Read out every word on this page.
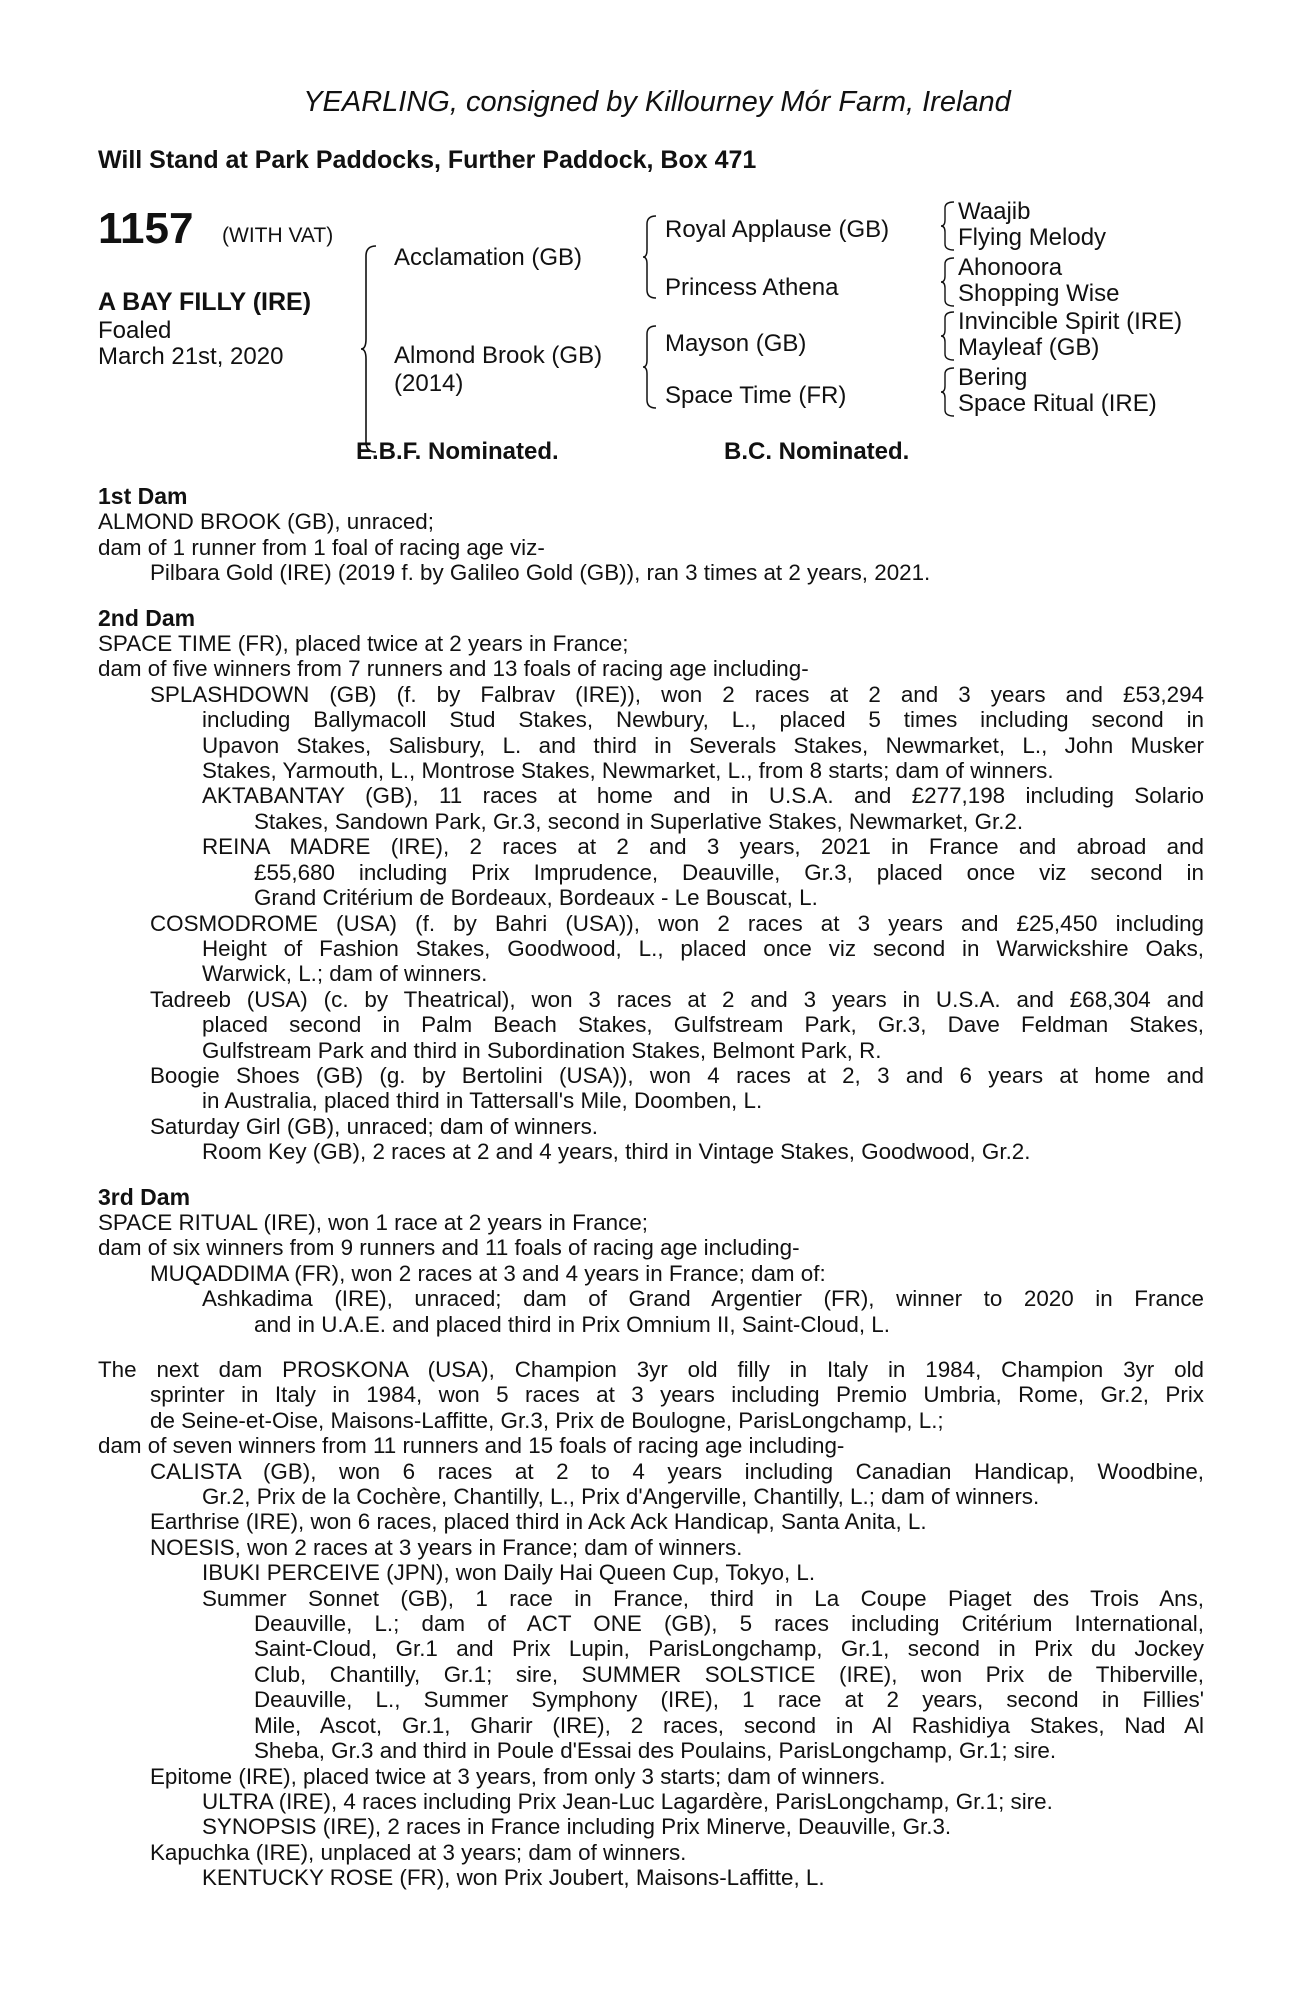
YEARLING, consigned by Killourney Mór Farm, Ireland
Will Stand at Park Paddocks, Further Paddock, Box 471
1157 (WITH VAT)
A BAY FILLY (IRE)
Foaled
March 21st, 2020
Acclamation (GB)
Almond Brook (GB)
(2014)
Royal Applause (GB)
Princess Athena
Mayson (GB)
Space Time (FR)
Waajib
Flying Melody
Ahonoora
Shopping Wise
Invincible Spirit (IRE)
Mayleaf (GB)
Bering
Space Ritual (IRE)
E.B.F. Nominated.	B.C. Nominated.
1st Dam
ALMOND BROOK (GB), unraced;
dam of 1 runner from 1 foal of racing age viz-
Pilbara Gold (IRE) (2019 f. by Galileo Gold (GB)), ran 3 times at 2 years, 2021.
2nd Dam
SPACE TIME (FR), placed twice at 2 years in France;
dam of five winners from 7 runners and 13 foals of racing age including-
SPLASHDOWN (GB) (f. by Falbrav (IRE)), won 2 races at 2 and 3 years and £53,294
including Ballymacoll Stud Stakes, Newbury, L., placed 5 times including second in
Upavon Stakes, Salisbury, L. and third in Severals Stakes, Newmarket, L., John Musker
Stakes, Yarmouth, L., Montrose Stakes, Newmarket, L., from 8 starts; dam of winners.
AKTABANTAY (GB), 11 races at home and in U.S.A. and £277,198 including Solario
Stakes, Sandown Park, Gr.3, second in Superlative Stakes, Newmarket, Gr.2.
REINA MADRE (IRE), 2 races at 2 and 3 years, 2021 in France and abroad and
£55,680 including Prix Imprudence, Deauville, Gr.3, placed once viz second in
Grand Critérium de Bordeaux, Bordeaux - Le Bouscat, L.
COSMODROME (USA) (f. by Bahri (USA)), won 2 races at 3 years and £25,450 including
Height of Fashion Stakes, Goodwood, L., placed once viz second in Warwickshire Oaks,
Warwick, L.; dam of winners.
Tadreeb (USA) (c. by Theatrical), won 3 races at 2 and 3 years in U.S.A. and £68,304 and
placed second in Palm Beach Stakes, Gulfstream Park, Gr.3, Dave Feldman Stakes,
Gulfstream Park and third in Subordination Stakes, Belmont Park, R.
Boogie Shoes (GB) (g. by Bertolini (USA)), won 4 races at 2, 3 and 6 years at home and
in Australia, placed third in Tattersall's Mile, Doomben, L.
Saturday Girl (GB), unraced; dam of winners.
Room Key (GB), 2 races at 2 and 4 years, third in Vintage Stakes, Goodwood, Gr.2.
3rd Dam
SPACE RITUAL (IRE), won 1 race at 2 years in France;
dam of six winners from 9 runners and 11 foals of racing age including-
MUQADDIMA (FR), won 2 races at 3 and 4 years in France; dam of:
Ashkadima (IRE), unraced; dam of Grand Argentier (FR), winner to 2020 in France
and in U.A.E. and placed third in Prix Omnium II, Saint-Cloud, L.
The next dam PROSKONA (USA), Champion 3yr old filly in Italy in 1984, Champion 3yr old
sprinter in Italy in 1984, won 5 races at 3 years including Premio Umbria, Rome, Gr.2, Prix
de Seine-et-Oise, Maisons-Laffitte, Gr.3, Prix de Boulogne, ParisLongchamp, L.;
dam of seven winners from 11 runners and 15 foals of racing age including-
CALISTA (GB), won 6 races at 2 to 4 years including Canadian Handicap, Woodbine,
Gr.2, Prix de la Cochère, Chantilly, L., Prix d'Angerville, Chantilly, L.; dam of winners.
Earthrise (IRE), won 6 races, placed third in Ack Ack Handicap, Santa Anita, L.
NOESIS, won 2 races at 3 years in France; dam of winners.
IBUKI PERCEIVE (JPN), won Daily Hai Queen Cup, Tokyo, L.
Summer Sonnet (GB), 1 race in France, third in La Coupe Piaget des Trois Ans,
Deauville, L.; dam of ACT ONE (GB), 5 races including Critérium International,
Saint-Cloud, Gr.1 and Prix Lupin, ParisLongchamp, Gr.1, second in Prix du Jockey
Club, Chantilly, Gr.1; sire, SUMMER SOLSTICE (IRE), won Prix de Thiberville,
Deauville, L., Summer Symphony (IRE), 1 race at 2 years, second in Fillies'
Mile, Ascot, Gr.1, Gharir (IRE), 2 races, second in Al Rashidiya Stakes, Nad Al
Sheba, Gr.3 and third in Poule d'Essai des Poulains, ParisLongchamp, Gr.1; sire.
Epitome (IRE), placed twice at 3 years, from only 3 starts; dam of winners.
ULTRA (IRE), 4 races including Prix Jean-Luc Lagardère, ParisLongchamp, Gr.1; sire.
SYNOPSIS (IRE), 2 races in France including Prix Minerve, Deauville, Gr.3.
Kapuchka (IRE), unplaced at 3 years; dam of winners.
KENTUCKY ROSE (FR), won Prix Joubert, Maisons-Laffitte, L.
